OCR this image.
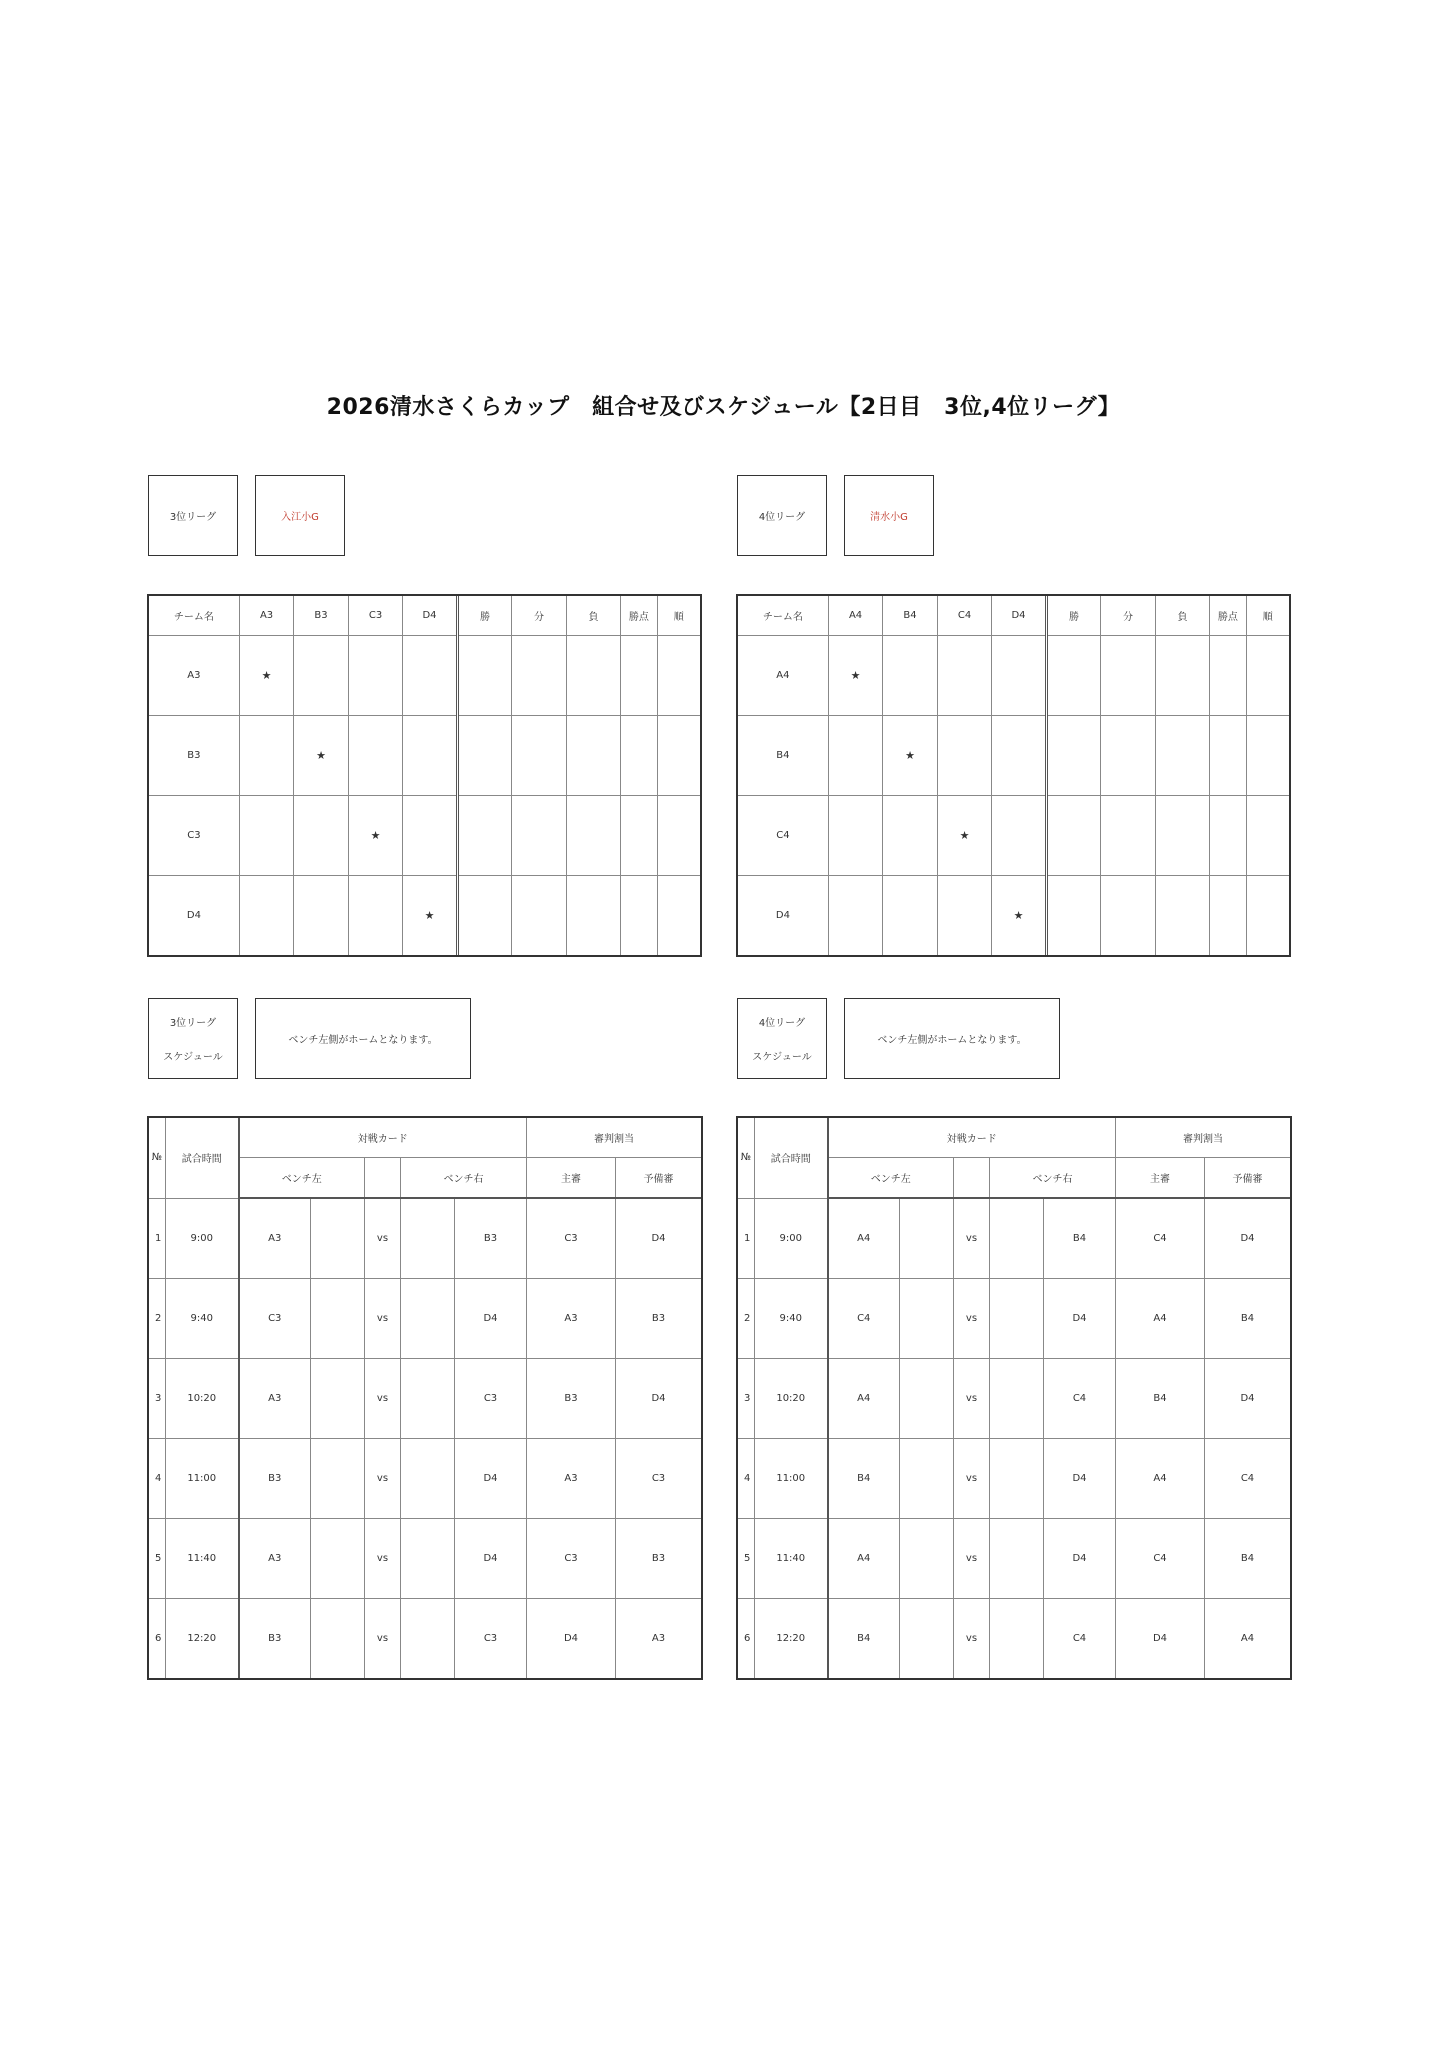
2026清水さくらカップ　組合せ及びスケジュール【2日目　3位,4位リーグ】
3位リーグ	入江小G
チーム名	A3	B3	C3	D4	勝	分	負	勝点	順
A3	★								
B3		★							
C3			★						
D4				★					
3位リーグ
スケジュール
ベンチ左側がホームとなります。
№	試合時間	対戦カード					審判割当	
		ベンチ左			ベンチ右		主審	予備審
1	9:00	A3		vs		B3	C3	D4
2	9:40	C3		vs		D4	A3	B3
3	10:20	A3		vs		C3	B3	D4
4	11:00	B3		vs		D4	A3	C3
5	11:40	A3		vs		D4	C3	B3
6	12:20	B3		vs		C3	D4	A3
4位リーグ	清水小G
チーム名	A4	B4	C4	D4	勝	分	負	勝点	順
A4	★								
B4		★							
C4			★						
D4				★					
4位リーグ
スケジュール
ベンチ左側がホームとなります。
№	試合時間	対戦カード					審判割当	
		ベンチ左			ベンチ右		主審	予備審
1	9:00	A4		vs		B4	C4	D4
2	9:40	C4		vs		D4	A4	B4
3	10:20	A4		vs		C4	B4	D4
4	11:00	B4		vs		D4	A4	C4
5	11:40	A4		vs		D4	C4	B4
6	12:20	B4		vs		C4	D4	A4
